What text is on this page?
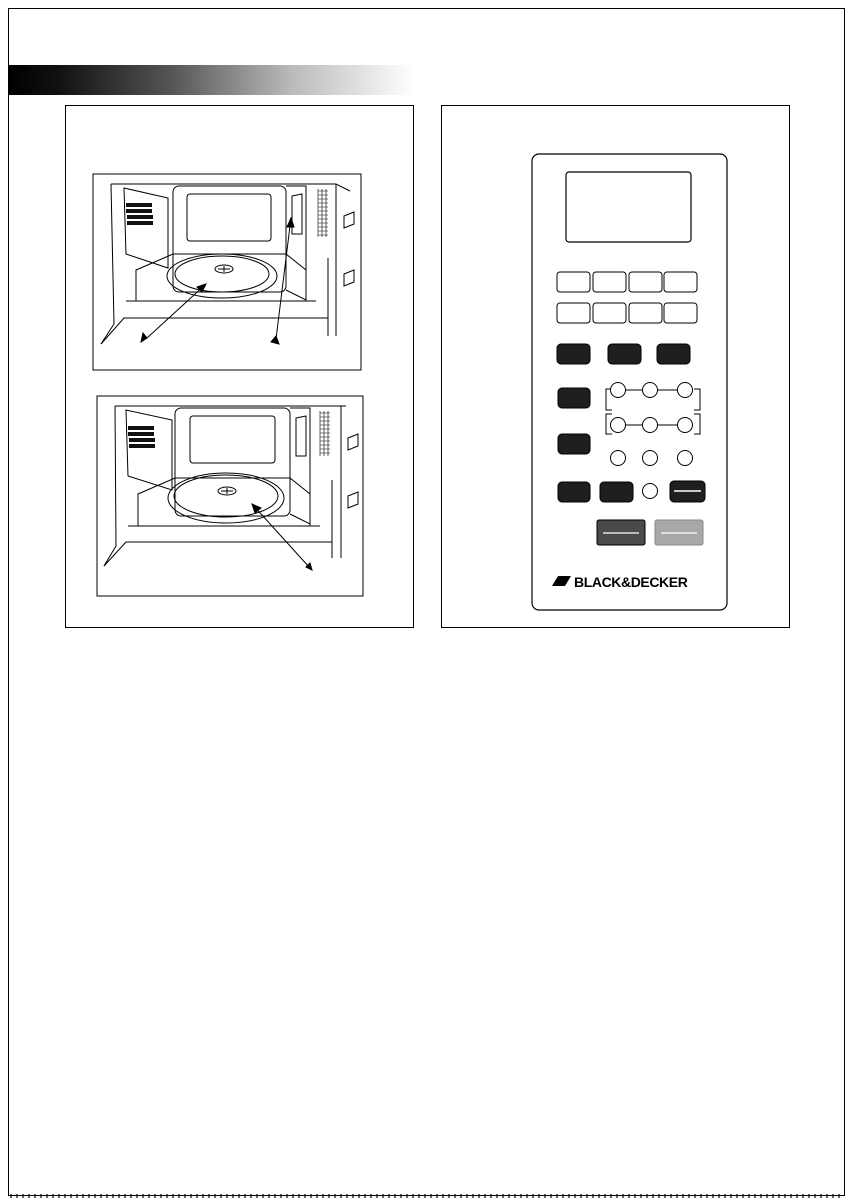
BLACK&DECKER
